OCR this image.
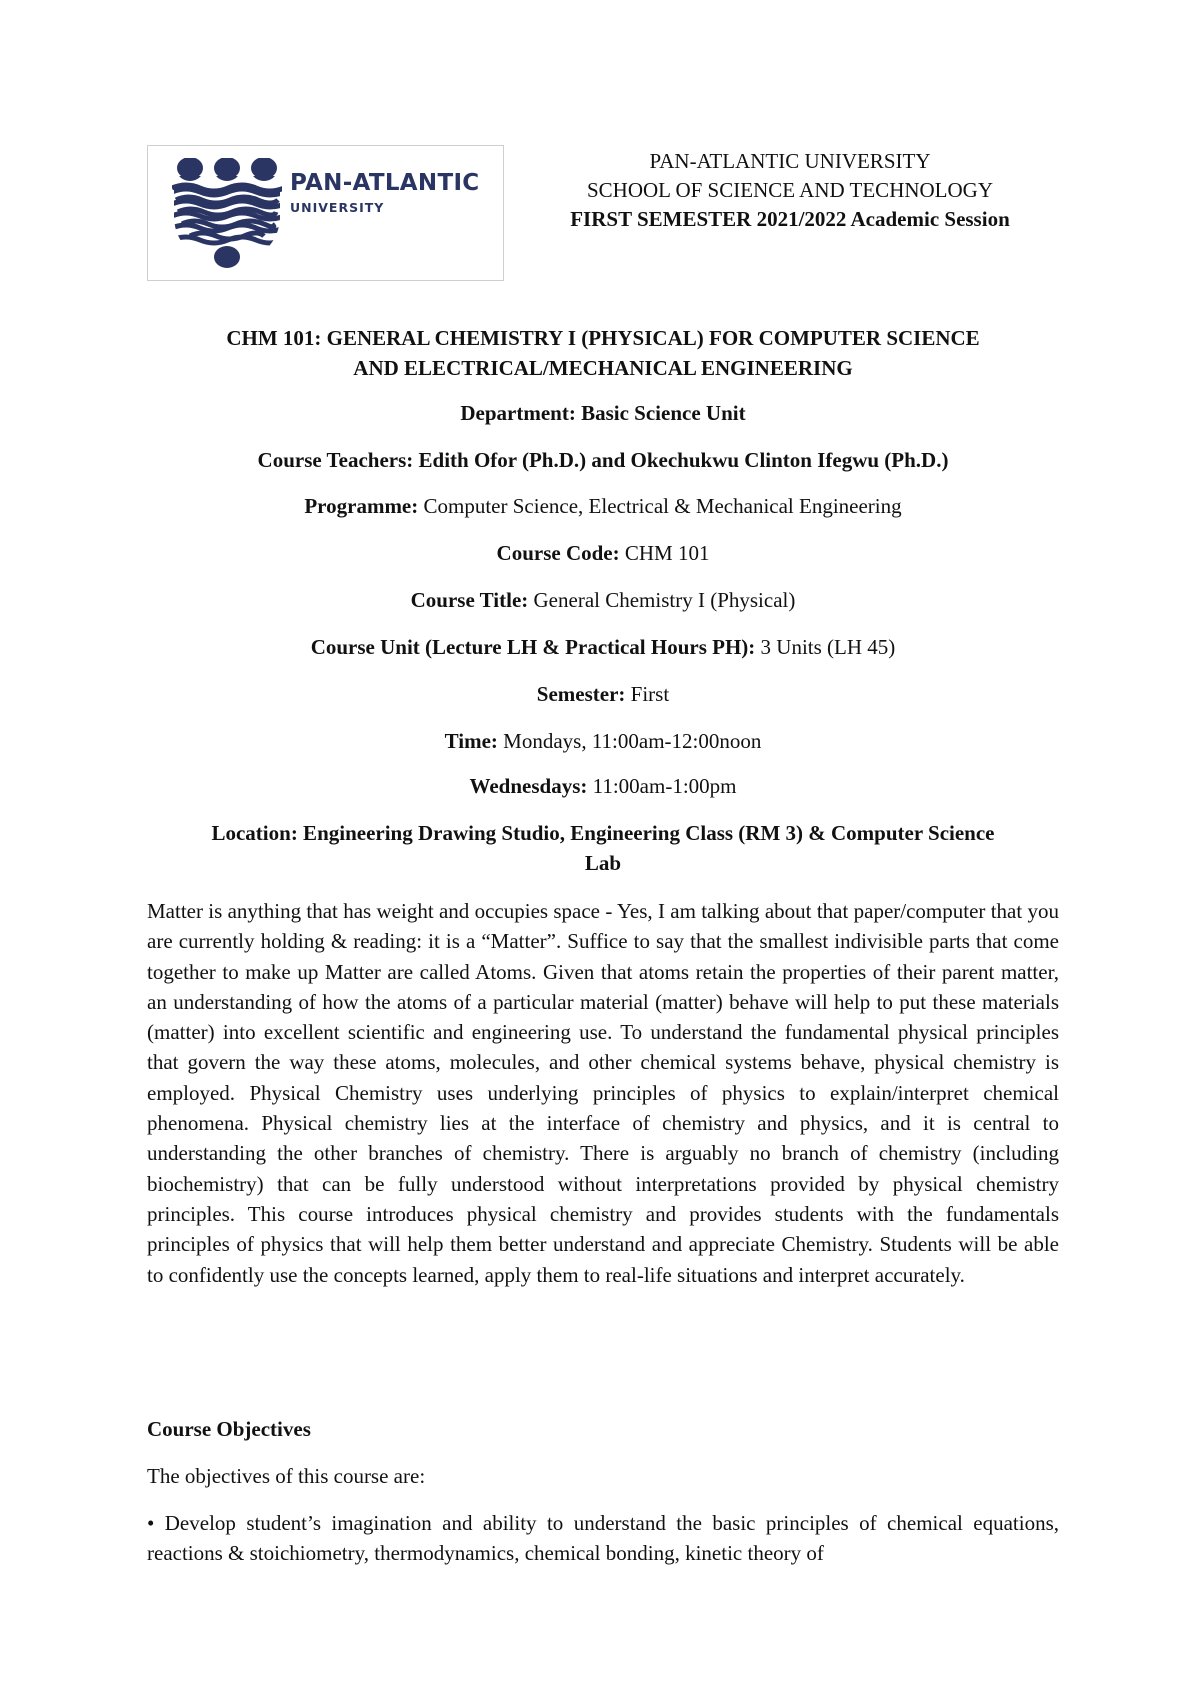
PAN-ATLANTIC
UNIVERSITY
PAN-ATLANTIC UNIVERSITY
SCHOOL OF SCIENCE AND TECHNOLOGY
FIRST SEMESTER 2021/2022 Academic Session
CHM 101: GENERAL CHEMISTRY I (PHYSICAL) FOR COMPUTER SCIENCE
AND ELECTRICAL/MECHANICAL ENGINEERING
Department: Basic Science Unit
Course Teachers: Edith Ofor (Ph.D.) and Okechukwu Clinton Ifegwu (Ph.D.)
Programme: Computer Science, Electrical & Mechanical Engineering
Course Code: CHM 101
Course Title: General Chemistry I (Physical)
Course Unit (Lecture LH & Practical Hours PH): 3 Units (LH 45)
Semester: First
Time: Mondays, 11:00am-12:00noon
Wednesdays: 11:00am-1:00pm
Location: Engineering Drawing Studio, Engineering Class (RM 3) & Computer Science
Lab

Matter is anything that has weight and occupies space - Yes, I am talking about that paper/computer that you are currently holding & reading: it is a “Matter”. Suffice to say that the smallest indivisible parts that come together to make up Matter are called Atoms. Given that atoms retain the properties of their parent matter, an understanding of how the atoms of a particular material (matter) behave will help to put these materials (matter) into excellent scientific and engineering use. To understand the fundamental physical principles that govern the way these atoms, molecules, and other chemical systems behave, physical chemistry is employed. Physical Chemistry uses underlying principles of physics to explain/interpret chemical phenomena. Physical chemistry lies at the interface of chemistry and physics, and it is central to understanding the other branches of chemistry. There is arguably no branch of chemistry (including biochemistry) that can be fully understood without interpretations provided by physical chemistry principles. This course introduces physical chemistry and provides students with the fundamentals principles of physics that will help them better understand and appreciate Chemistry. Students will be able to confidently use the concepts learned, apply them to real-life situations and interpret accurately.

Course Objectives
The objectives of this course are:

• Develop student’s imagination and ability to understand the basic principles of chemical equations, reactions & stoichiometry, thermodynamics, chemical bonding, kinetic theory of
